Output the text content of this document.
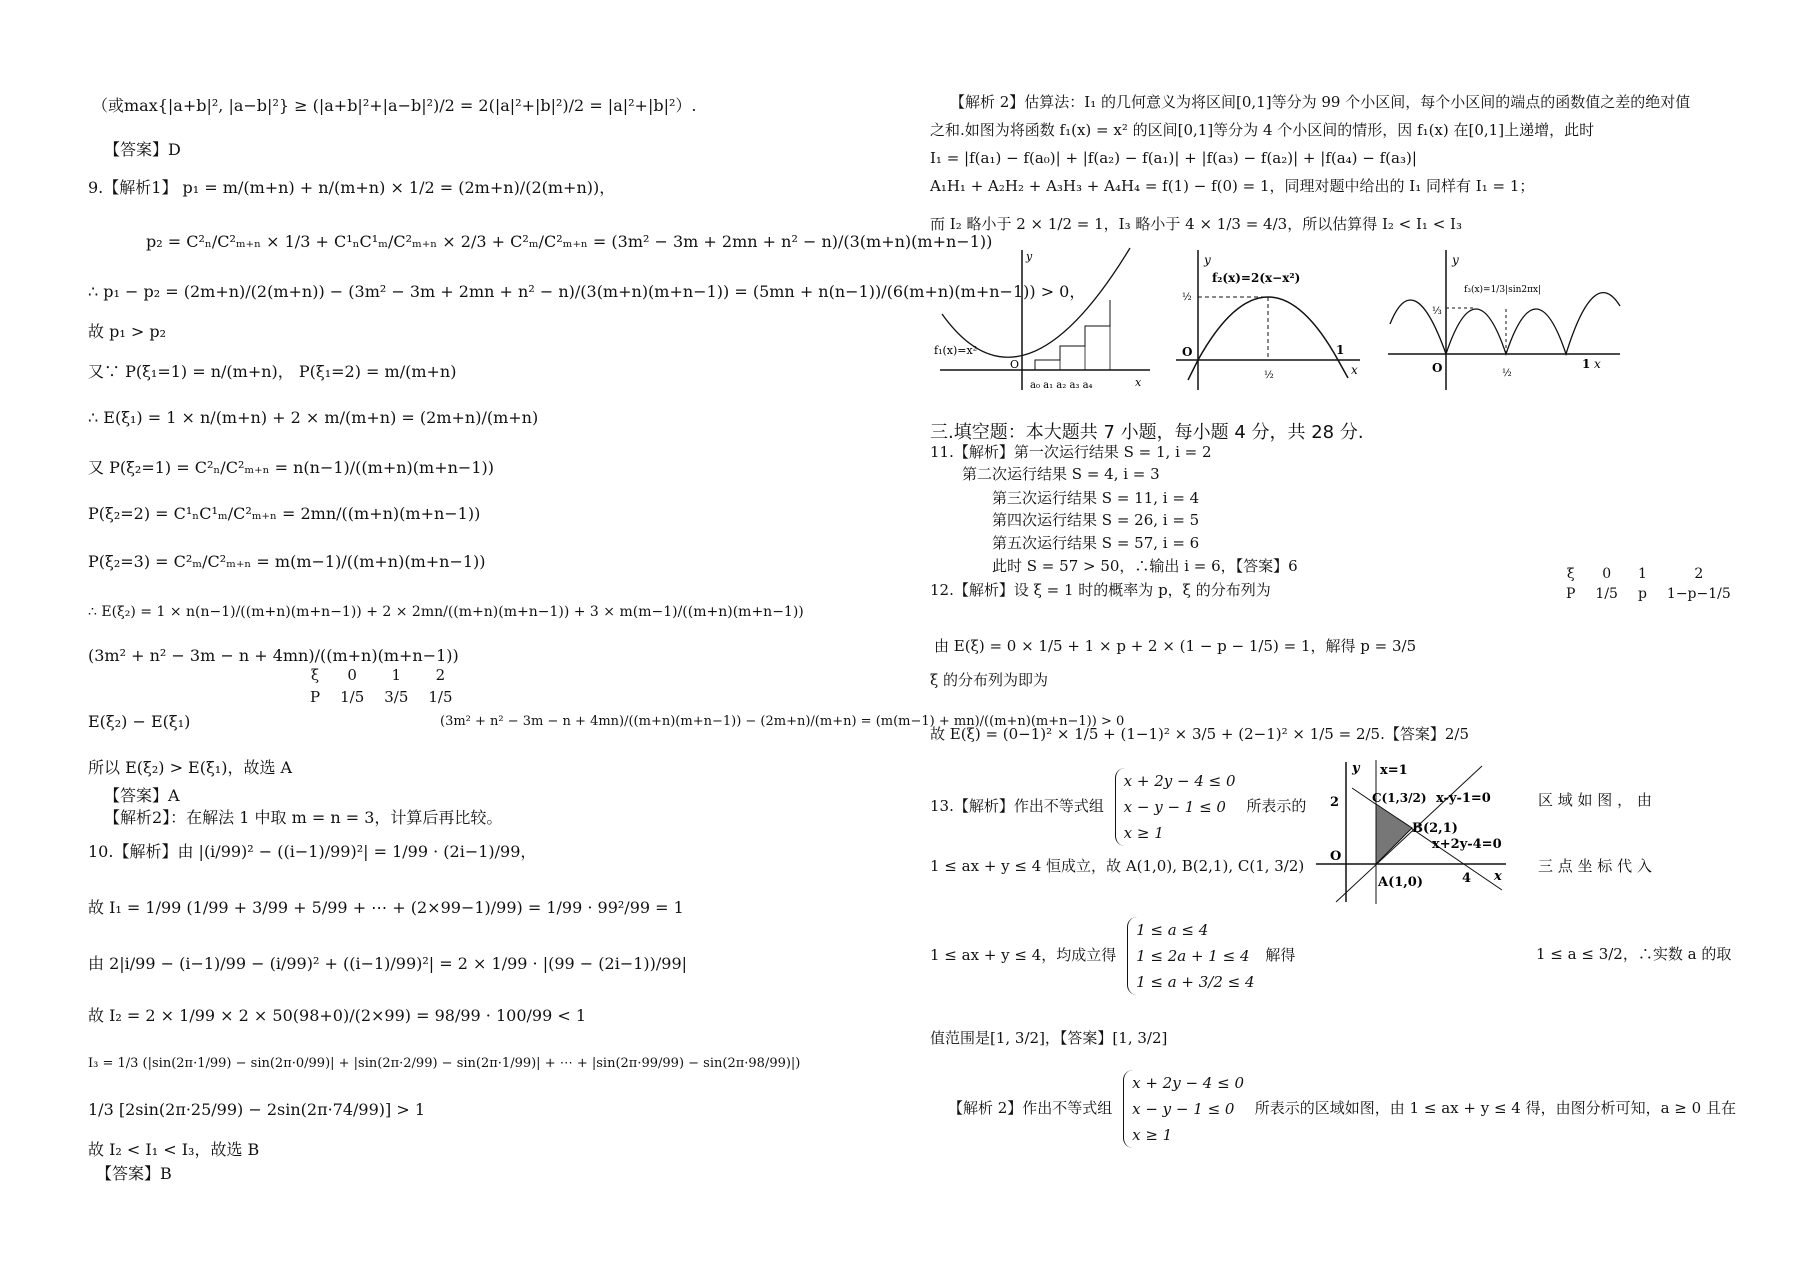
（或max{|a+b|², |a−b|²} ≥ (|a+b|²+|a−b|²)/2 = 2(|a|²+|b|²)/2 = |a|²+|b|²）.
【答案】D
9.【解析1】 p₁ = m/(m+n) + n/(m+n) × 1/2 = (2m+n)/(2(m+n))，
p₂ = C²ₙ/C²ₘ₊ₙ × 1/3 + C¹ₙC¹ₘ/C²ₘ₊ₙ × 2/3 + C²ₘ/C²ₘ₊ₙ = (3m² − 3m + 2mn + n² − n)/(3(m+n)(m+n−1))
∴ p₁ − p₂ = (2m+n)/(2(m+n)) − (3m² − 3m + 2mn + n² − n)/(3(m+n)(m+n−1)) = (5mn + n(n−1))/(6(m+n)(m+n−1)) > 0，
故 p₁ > p₂
又∵ P(ξ₁=1) = n/(m+n)， P(ξ₁=2) = m/(m+n)
∴ E(ξ₁) = 1 × n/(m+n) + 2 × m/(m+n) = (2m+n)/(m+n)
又 P(ξ₂=1) = C²ₙ/C²ₘ₊ₙ = n(n−1)/((m+n)(m+n−1))
P(ξ₂=2) = C¹ₙC¹ₘ/C²ₘ₊ₙ = 2mn/((m+n)(m+n−1))
P(ξ₂=3) = C²ₘ/C²ₘ₊ₙ = m(m−1)/((m+n)(m+n−1))
∴ E(ξ₂) = 1 × n(n−1)/((m+n)(m+n−1)) + 2 × 2mn/((m+n)(m+n−1)) + 3 × m(m−1)/((m+n)(m+n−1))
(3m² + n² − 3m − n + 4mn)/((m+n)(m+n−1))
ξ	0	1	2
P	1/5	3/5	1/5
E(ξ₂) − E(ξ₁)	(3m² + n² − 3m − n + 4mn)/((m+n)(m+n−1)) − (2m+n)/(m+n) = (m(m−1) + mn)/((m+n)(m+n−1)) > 0
所以 E(ξ₂) > E(ξ₁)，故选 A
【答案】A
【解析2】：在解法 1 中取 m = n = 3，计算后再比较。
10.【解析】由 |(i/99)² − ((i−1)/99)²| = 1/99 · (2i−1)/99，
故 I₁ = 1/99 (1/99 + 3/99 + 5/99 + ⋯ + (2×99−1)/99) = 1/99 · 99²/99 = 1
由 2|i/99 − (i−1)/99 − (i/99)² + ((i−1)/99)²| = 2 × 1/99 · |(99 − (2i−1))/99|
故 I₂ = 2 × 1/99 × 2 × 50(98+0)/(2×99) = 98/99 · 100/99 < 1
I₃ = 1/3 (|sin(2π·1/99) − sin(2π·0/99)| + |sin(2π·2/99) − sin(2π·1/99)| + ⋯ + |sin(2π·99/99) − sin(2π·98/99)|)
1/3 [2sin(2π·25/99) − 2sin(2π·74/99)] > 1
故 I₂ < I₁ < I₃，故选 B
【答案】B
【解析 2】估算法：I₁ 的几何意义为将区间[0,1]等分为 99 个小区间，每个小区间的端点的函数值之差的绝对值
之和.如图为将函数 f₁(x) = x² 的区间[0,1]等分为 4 个小区间的情形，因 f₁(x) 在[0,1]上递增，此时
I₁ = |f(a₁) − f(a₀)| + |f(a₂) − f(a₁)| + |f(a₃) − f(a₂)| + |f(a₄) − f(a₃)|
A₁H₁ + A₂H₂ + A₃H₃ + A₄H₄ = f(1) − f(0) = 1，同理对题中给出的 I₁ 同样有 I₁ = 1；
而 I₂ 略小于 2 × 1/2 = 1，I₃ 略小于 4 × 1/3 = 4/3，所以估算得 I₂ < I₁ < I₃
f₁(x)=x²
O
a₀ a₁ a₂ a₃ a₄	x
y
f₂(x)=2(x−x²)
O
½
½
1
x
y
f₃(x)=1/3|sin2πx|
⅓
O	½
1 x
y
三.填空题：本大题共 7 小题，每小题 4 分，共 28 分.
11.【解析】第一次运行结果 S = 1, i = 2
第二次运行结果 S = 4, i = 3
第三次运行结果 S = 11, i = 4
第四次运行结果 S = 26, i = 5
第五次运行结果 S = 57, i = 6
此时 S = 57 > 50，∴输出 i = 6，【答案】6
12.【解析】设 ξ = 1 时的概率为 p，ξ 的分布列为
ξ	0	1	2
P	1/5	p	1−p−1/5
由 E(ξ) = 0 × 1/5 + 1 × p + 2 × (1 − p − 1/5) = 1，解得 p = 3/5
ξ 的分布列为即为
故 E(ξ) = (0−1)² × 1/5 + (1−1)² × 3/5 + (2−1)² × 1/5 = 2/5.【答案】2/5
13.【解析】作出不等式组
x + 2y − 4 ≤ 0
x − y − 1 ≤ 0
x ≥ 1
所表示的
x=1
x-y-1=0
x+2y-4=0
A(1,0)
B(2,1)
C(1,3/2)
2
4
O
x
y
区 域 如 图 ， 由
1 ≤ ax + y ≤ 4 恒成立，故 A(1,0), B(2,1), C(1, 3/2)	三 点 坐 标 代 入
1 ≤ ax + y ≤ 4，均成立得
1 ≤ a ≤ 4
1 ≤ 2a + 1 ≤ 4
1 ≤ a + 3/2 ≤ 4
解得	1 ≤ a ≤ 3/2，∴实数 a 的取
值范围是[1, 3/2]，【答案】[1, 3/2]
【解析 2】作出不等式组
x + 2y − 4 ≤ 0
x − y − 1 ≤ 0
x ≥ 1
所表示的区域如图，由 1 ≤ ax + y ≤ 4 得，由图分析可知，a ≥ 0 且在
